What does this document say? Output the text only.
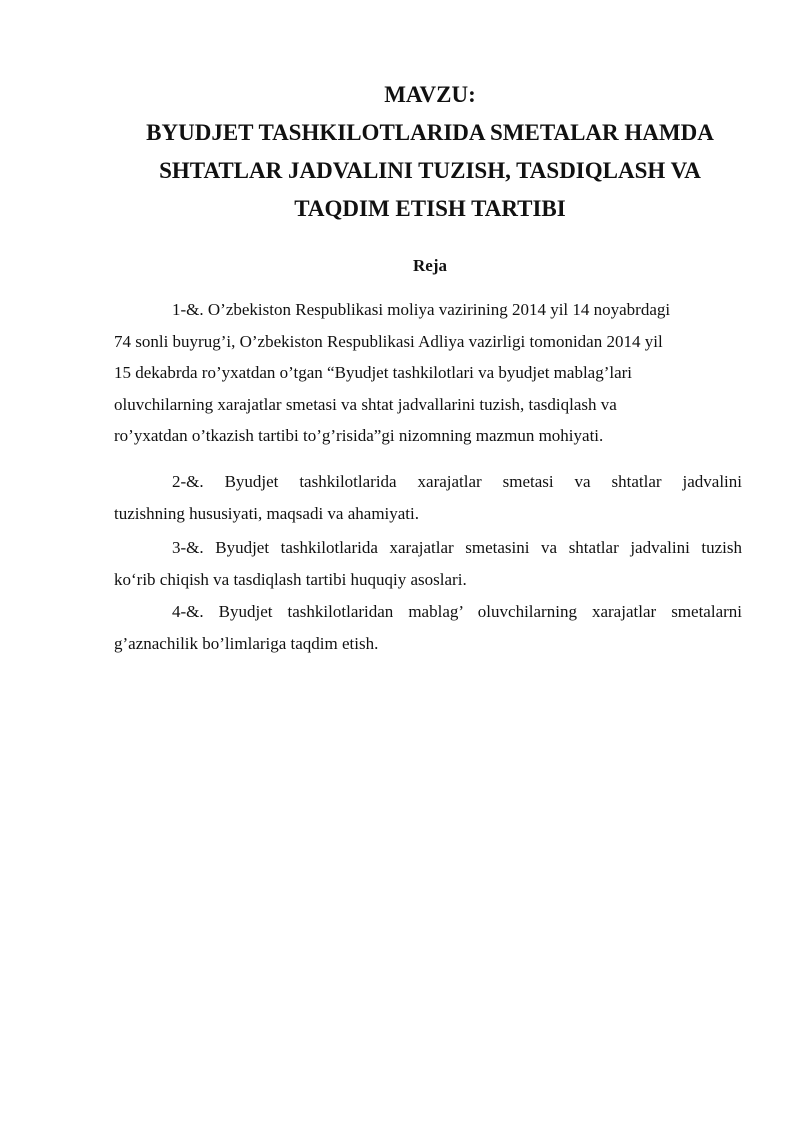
MAVZU:
BYUDJET TASHKILOTLARIDA SMETALAR HAMDA
SHTATLAR JADVALINI TUZISH, TASDIQLASH VA
TAQDIM ETISH TARTIBI
Reja
1-&. O’zbekiston Respublikasi moliya vazirining 2014 yil 14 noyabrdagi
74 sonli buyrug’i, O’zbekiston Respublikasi Adliya vazirligi tomonidan 2014 yil
15 dekabrda ro’yxatdan o’tgan “Byudjet tashkilotlari va byudjet mablag’lari
oluvchilarning xarajatlar smetasi va shtat jadvallarini tuzish, tasdiqlash va
ro’yxatdan o’tkazish tartibi to’g’risida”gi nizomning mazmun mohiyati.
2-&. Byudjet tashkilotlarida xarajatlar smetasi va shtatlar jadvalini
tuzishning hususiyati, maqsadi va ahamiyati.
3-&. Byudjet tashkilotlarida xarajatlar smetasini va shtatlar jadvalini tuzish
ko‘rib chiqish va tasdiqlash tartibi huquqiy asoslari.
4-&. Byudjet tashkilotlaridan mablag’ oluvchilarning xarajatlar smetalarni
g’aznachilik bo’limlariga taqdim etish.
